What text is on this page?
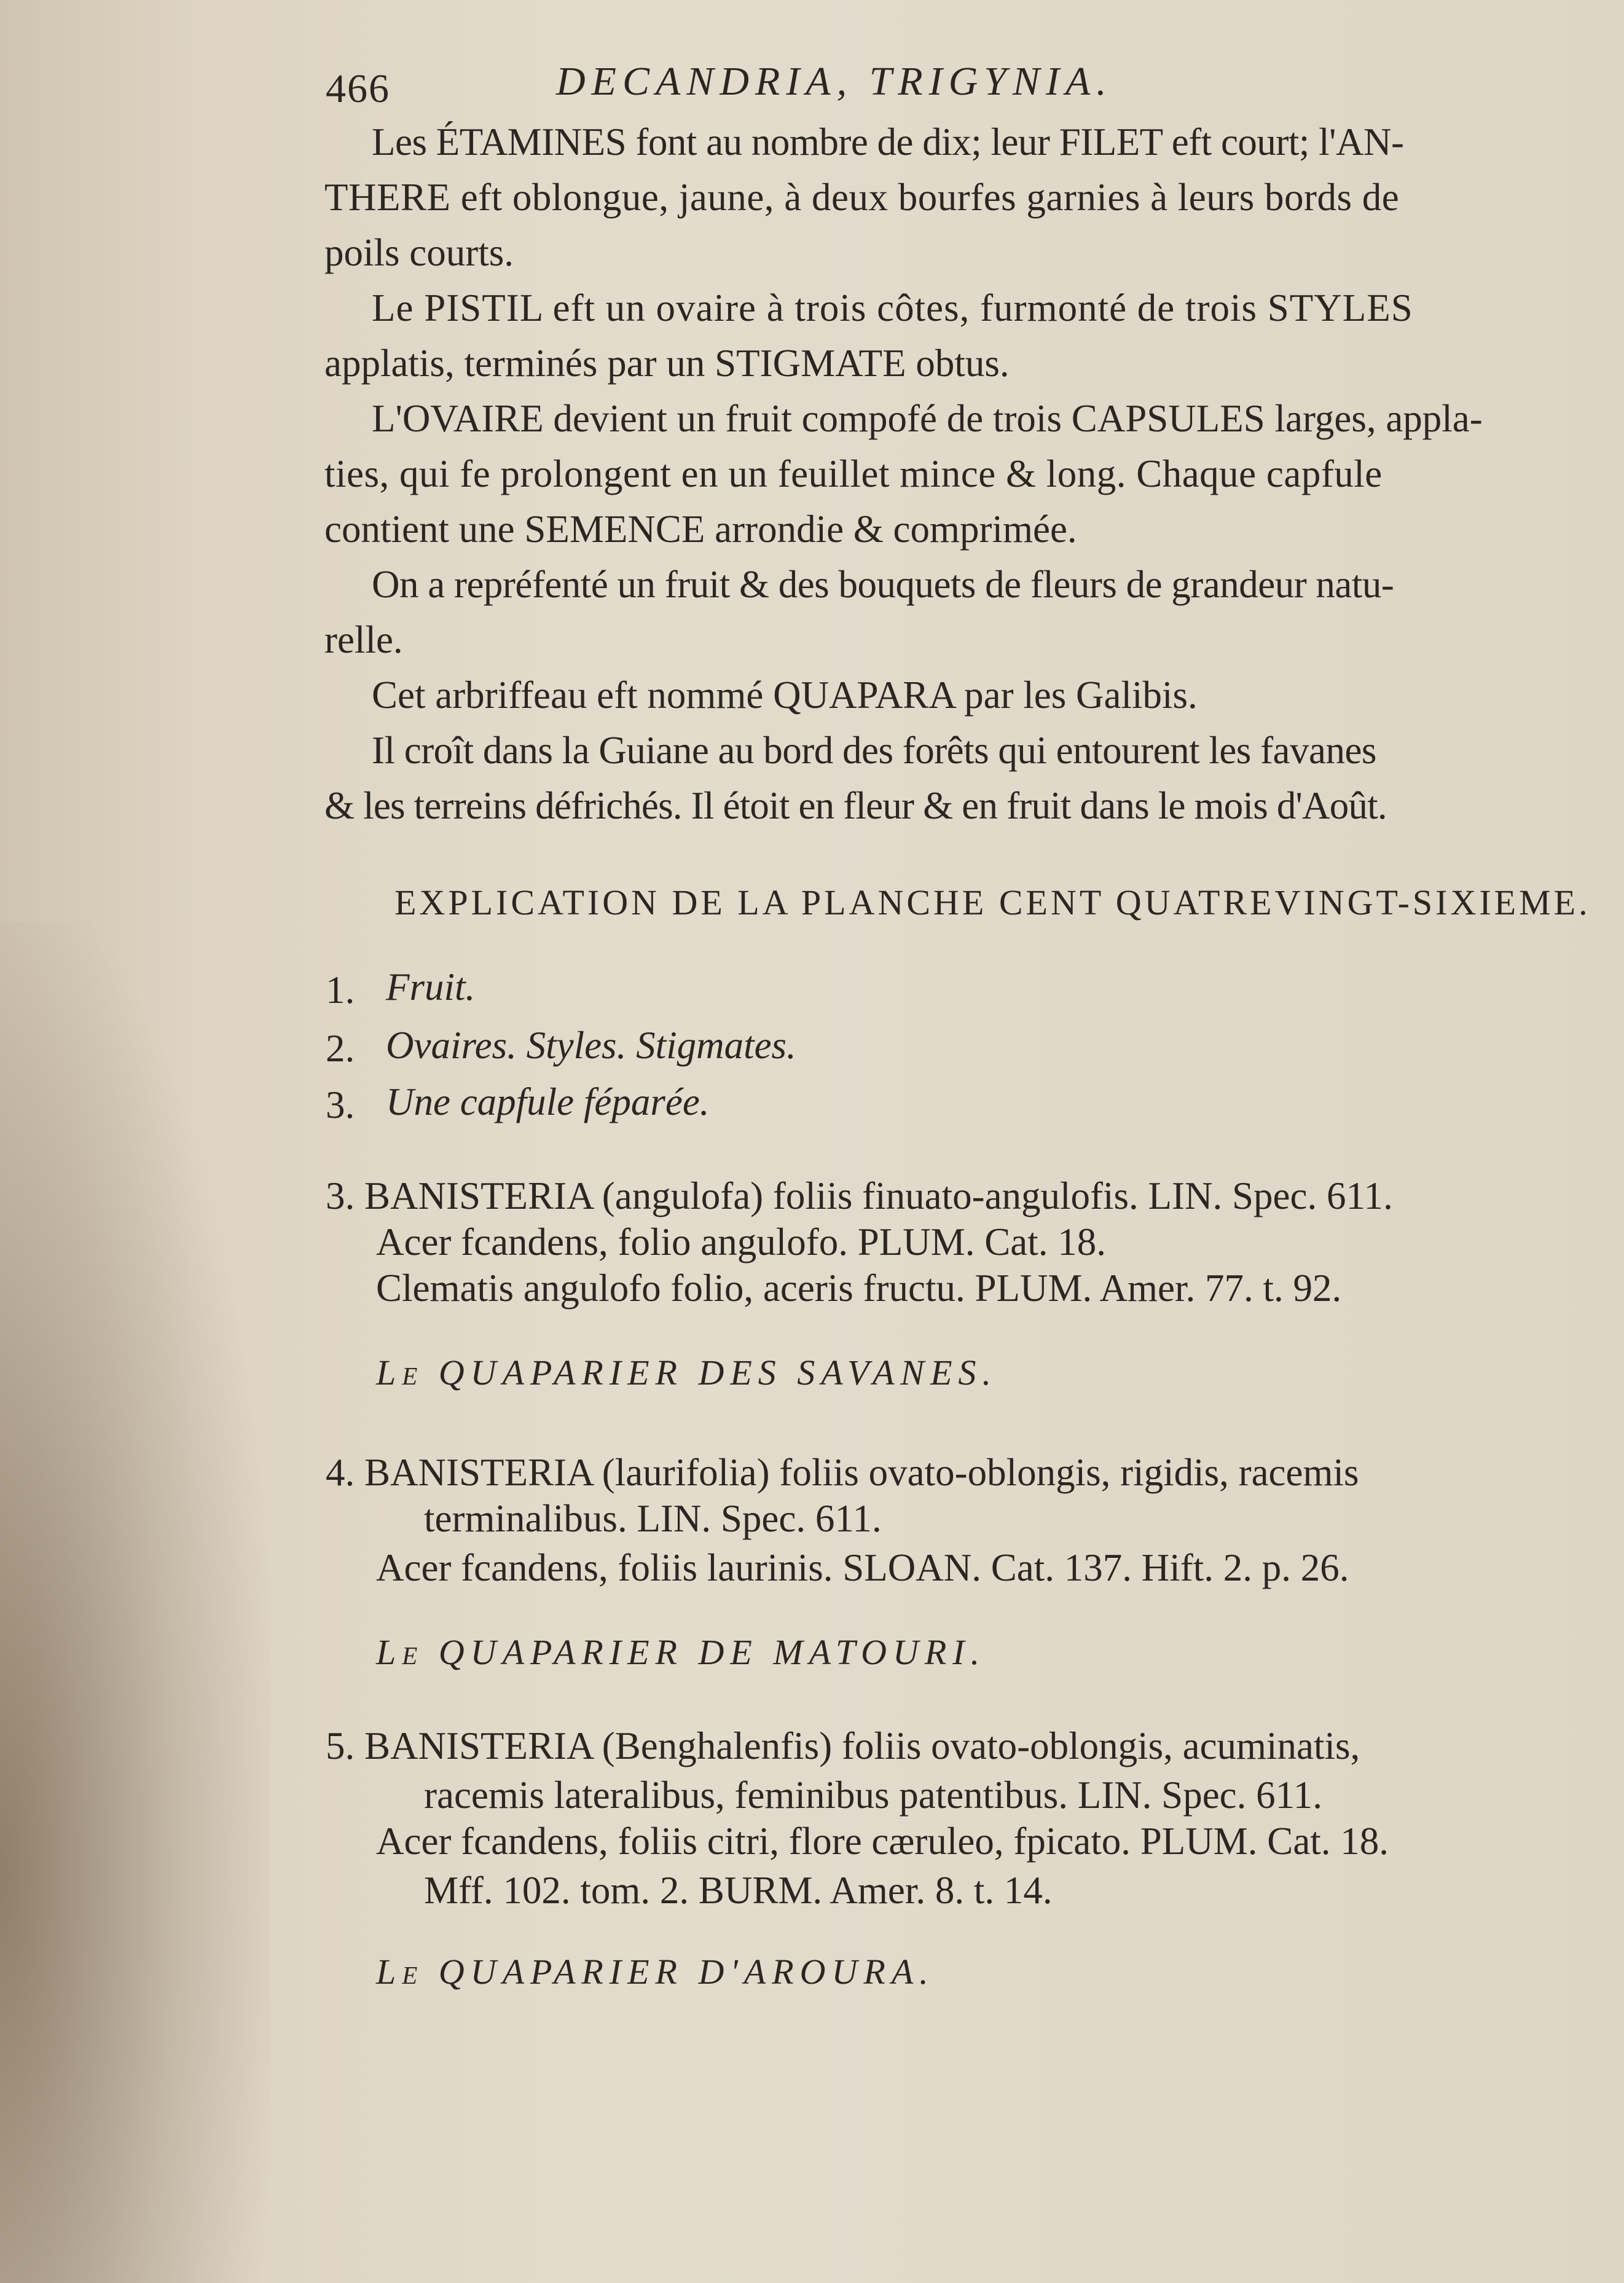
466	DECANDRIA, TRIGYNIA.
Les ÉTAMINES font au nombre de dix; leur FILET eft court; l'AN-
THERE eft oblongue, jaune, à deux bourfes garnies à leurs bords de
poils courts.
Le PISTIL eft un ovaire à trois côtes, furmonté de trois STYLES
applatis, terminés par un STIGMATE obtus.
L'OVAIRE devient un fruit compofé de trois CAPSULES larges, appla-
ties, qui fe prolongent en un feuillet mince & long. Chaque capfule
contient une SEMENCE arrondie & comprimée.
On a repréfenté un fruit & des bouquets de fleurs de grandeur natu-
relle.
Cet arbriffeau eft nommé QUAPARA par les Galibis.
Il croît dans la Guiane au bord des forêts qui entourent les favanes
& les terreins défrichés. Il étoit en fleur & en fruit dans le mois d'Août.
EXPLICATION DE LA PLANCHE CENT QUATREVINGT-SIXIEME.
1. Fruit.
2. Ovaires. Styles. Stigmates.
3. Une capfule féparée.
3. BANISTERIA (angulofa) foliis finuato-angulofis. LIN. Spec. 611.
Acer fcandens, folio angulofo. PLUM. Cat. 18.
Clematis angulofo folio, aceris fructu. PLUM. Amer. 77. t. 92.
Le QUAPARIER DES SAVANES.
4. BANISTERIA (laurifolia) foliis ovato-oblongis, rigidis, racemis
terminalibus. LIN. Spec. 611.
Acer fcandens, foliis laurinis. SLOAN. Cat. 137. Hift. 2. p. 26.
Le QUAPARIER DE MATOURI.
5. BANISTERIA (Benghalenfis) foliis ovato-oblongis, acuminatis,
racemis lateralibus, feminibus patentibus. LIN. Spec. 611.
Acer fcandens, foliis citri, flore cæruleo, fpicato. PLUM. Cat. 18.
Mff. 102. tom. 2. BURM. Amer. 8. t. 14.
Le QUAPARIER D'AROURA.
